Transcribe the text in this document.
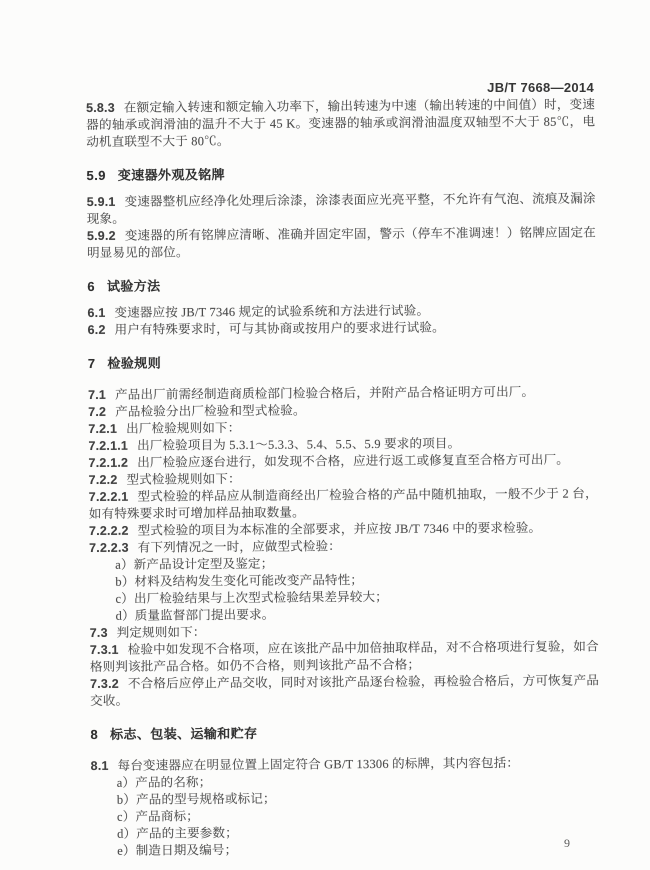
JB/T 7668—2014

5.8.3 在额定输入转速和额定输入功率下，输出转速为中速（输出转速的中间值）时，变速器的轴承或润滑油的温升不大于 45 K。变速器的轴承或润滑油温度双轴型不大于 85℃，电动机直联型不大于 80℃。

5.9 变速器外观及铭牌

5.9.1 变速器整机应经净化处理后涂漆，涂漆表面应光亮平整，不允许有气泡、流痕及漏涂现象。

5.9.2 变速器的所有铭牌应清晰、准确并固定牢固，警示（停车不准调速！）铭牌应固定在明显易见的部位。

6 试验方法

6.1 变速器应按 JB/T 7346 规定的试验系统和方法进行试验。

6.2 用户有特殊要求时，可与其协商或按用户的要求进行试验。

7 检验规则

7.1 产品出厂前需经制造商质检部门检验合格后，并附产品合格证明方可出厂。

7.2 产品检验分出厂检验和型式检验。

7.2.1 出厂检验规则如下：

7.2.1.1 出厂检验项目为 5.3.1～5.3.3、5.4、5.5、5.9 要求的项目。

7.2.1.2 出厂检验应逐台进行，如发现不合格，应进行返工或修复直至合格方可出厂。

7.2.2 型式检验规则如下：

7.2.2.1 型式检验的样品应从制造商经出厂检验合格的产品中随机抽取，一般不少于 2 台，如有特殊要求时可增加样品抽取数量。

7.2.2.2 型式检验的项目为本标准的全部要求，并应按 JB/T 7346 中的要求检验。

7.2.2.3 有下列情况之一时，应做型式检验：

a）新产品设计定型及鉴定；

b）材料及结构发生变化可能改变产品特性；

c）出厂检验结果与上次型式检验结果差异较大；

d）质量监督部门提出要求。

7.3 判定规则如下：

7.3.1 检验中如发现不合格项，应在该批产品中加倍抽取样品，对不合格项进行复验，如合格则判该批产品合格。如仍不合格，则判该批产品不合格；

7.3.2 不合格后应停止产品交收，同时对该批产品逐台检验，再检验合格后，方可恢复产品交收。

8 标志、包装、运输和贮存

8.1 每台变速器应在明显位置上固定符合 GB/T 13306 的标牌，其内容包括：

a）产品的名称；

b）产品的型号规格或标记；

c）产品商标；

d）产品的主要参数；

e）制造日期及编号；	9
